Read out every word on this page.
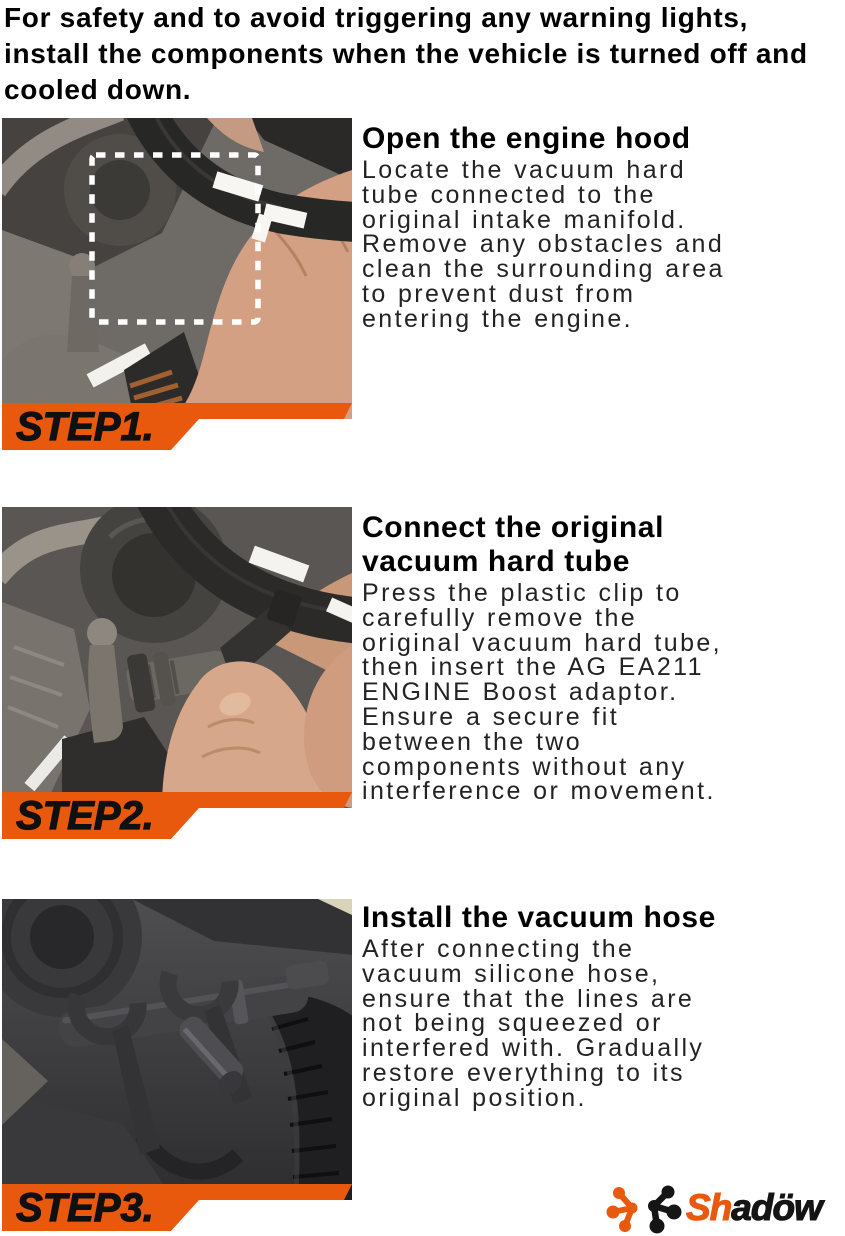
For safety and to avoid triggering any warning lights, install the components when the vehicle is turned off and cooled down.
STEP1.
Open the engine hood

Locate the vacuum hard tube connected to the original intake manifold. Remove any obstacles and clean the surrounding area to prevent dust from entering the engine.

STEP2.
Connect the original vacuum hard tube

Press the plastic clip to carefully remove the original vacuum hard tube, then insert the AG EA211 ENGINE Boost adaptor. Ensure a secure fit between the two components without any interference or movement.

STEP3.
Install the vacuum hose

After connecting the vacuum silicone hose, ensure that the lines are not being squeezed or interfered with. Gradually restore everything to its original position.

Shadöw
